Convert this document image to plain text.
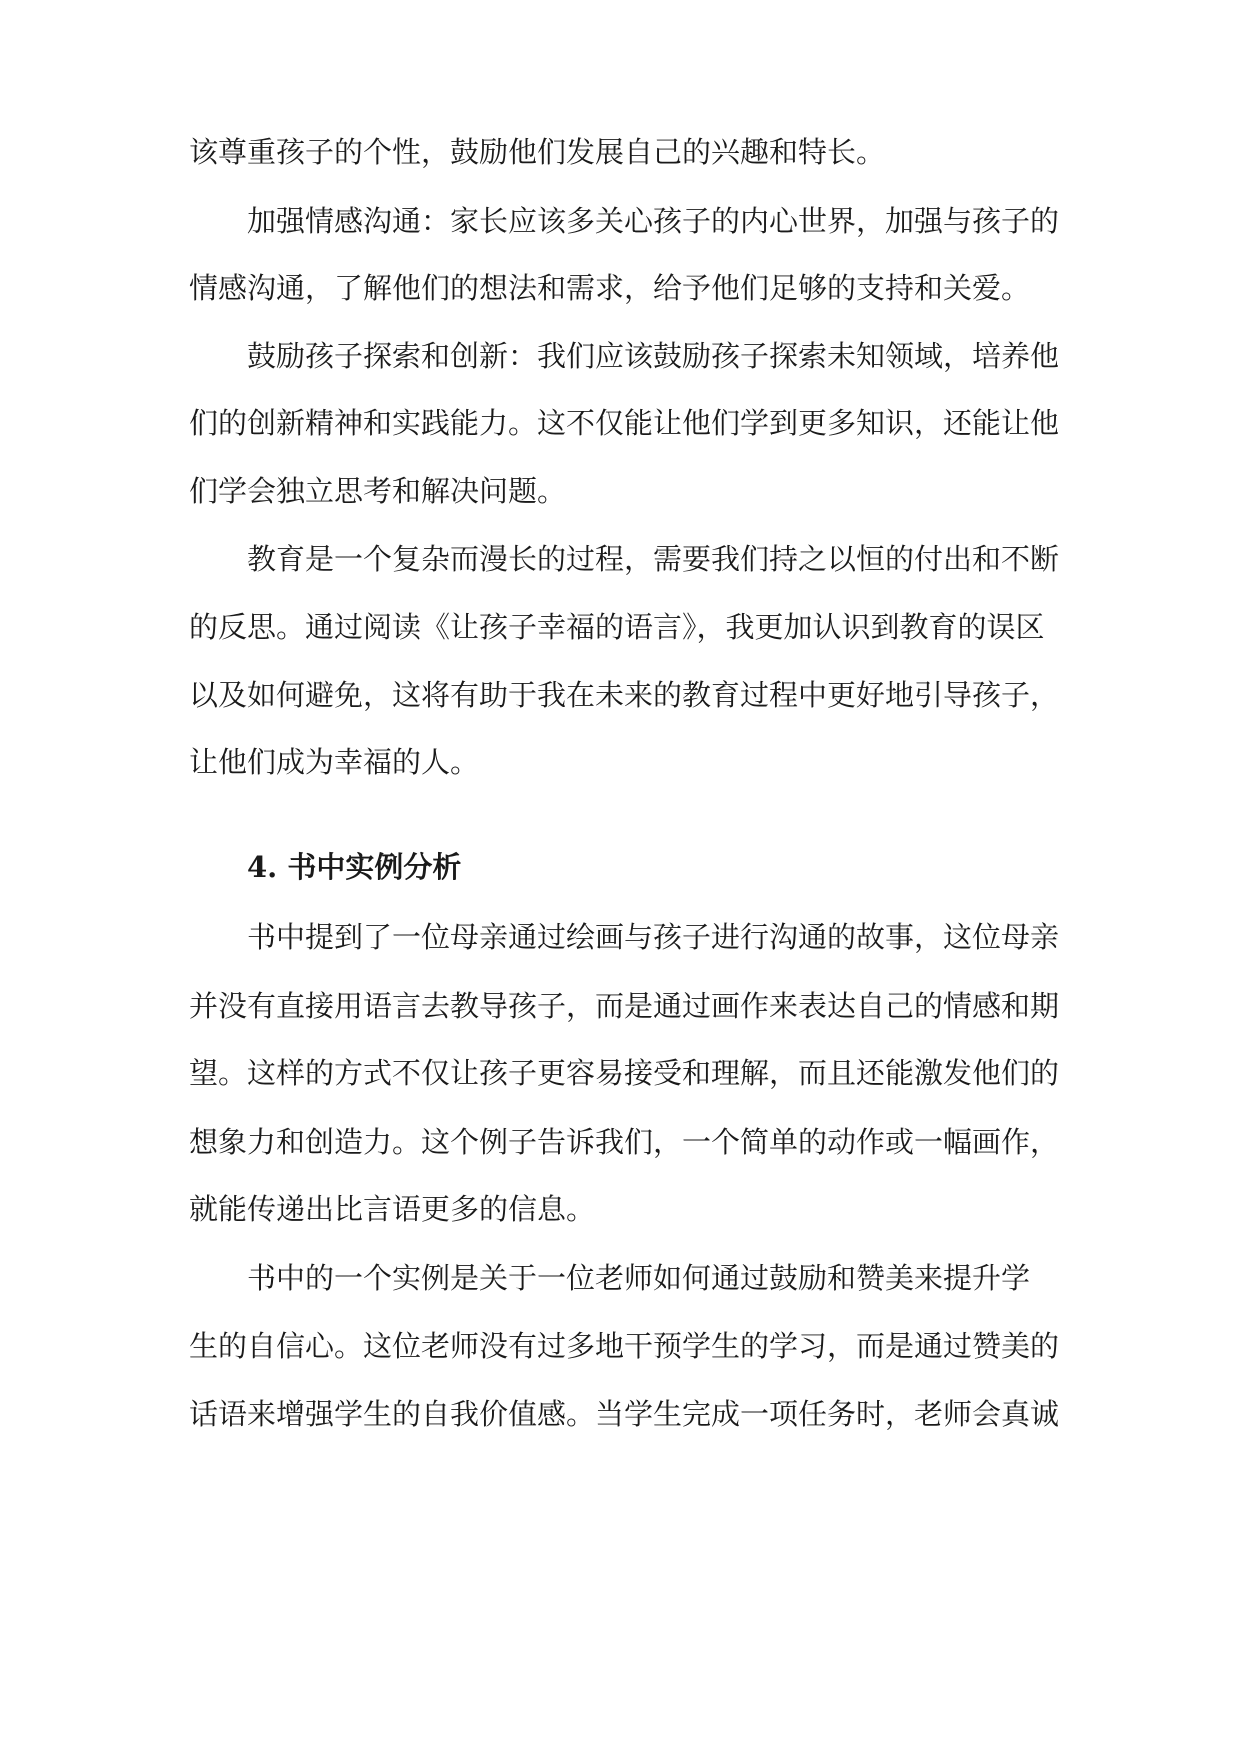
该尊重孩子的个性，鼓励他们发展自己的兴趣和特长。
加强情感沟通：家长应该多关心孩子的内心世界，加强与孩子的
情感沟通，了解他们的想法和需求，给予他们足够的支持和关爱。
鼓励孩子探索和创新：我们应该鼓励孩子探索未知领域，培养他
们的创新精神和实践能力。这不仅能让他们学到更多知识，还能让他
们学会独立思考和解决问题。
教育是一个复杂而漫长的过程，需要我们持之以恒的付出和不断
的反思。通过阅读《让孩子幸福的语言》，我更加认识到教育的误区
以及如何避免，这将有助于我在未来的教育过程中更好地引导孩子，
让他们成为幸福的人。
4. 书中实例分析
书中提到了一位母亲通过绘画与孩子进行沟通的故事，这位母亲
并没有直接用语言去教导孩子，而是通过画作来表达自己的情感和期
望。这样的方式不仅让孩子更容易接受和理解，而且还能激发他们的
想象力和创造力。这个例子告诉我们，一个简单的动作或一幅画作，
就能传递出比言语更多的信息。
书中的一个实例是关于一位老师如何通过鼓励和赞美来提升学
生的自信心。这位老师没有过多地干预学生的学习，而是通过赞美的
话语来增强学生的自我价值感。当学生完成一项任务时，老师会真诚
